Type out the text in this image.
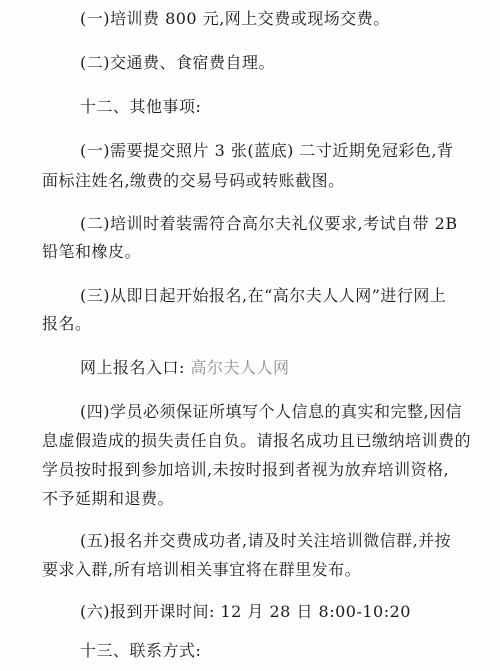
(一)培训费 800 元,网上交费或现场交费。
(二)交通费、食宿费自理。
十二、其他事项:
(一)需要提交照片 3 张(蓝底) 二寸近期免冠彩色,背
面标注姓名,缴费的交易号码或转账截图。
(二)培训时着装需符合高尔夫礼仪要求,考试自带 2B
铅笔和橡皮。
(三)从即日起开始报名,在“高尔夫人人网”进行网上
报名。
网上报名入口: 高尔夫人人网
(四)学员必须保证所填写个人信息的真实和完整,因信
息虚假造成的损失责任自负。请报名成功且已缴纳培训费的
学员按时报到参加培训,未按时报到者视为放弃培训资格,
不予延期和退费。
(五)报名并交费成功者,请及时关注培训微信群,并按
要求入群,所有培训相关事宜将在群里发布。
(六)报到开课时间: 12 月 28 日 8:00-10:20
十三、联系方式:
